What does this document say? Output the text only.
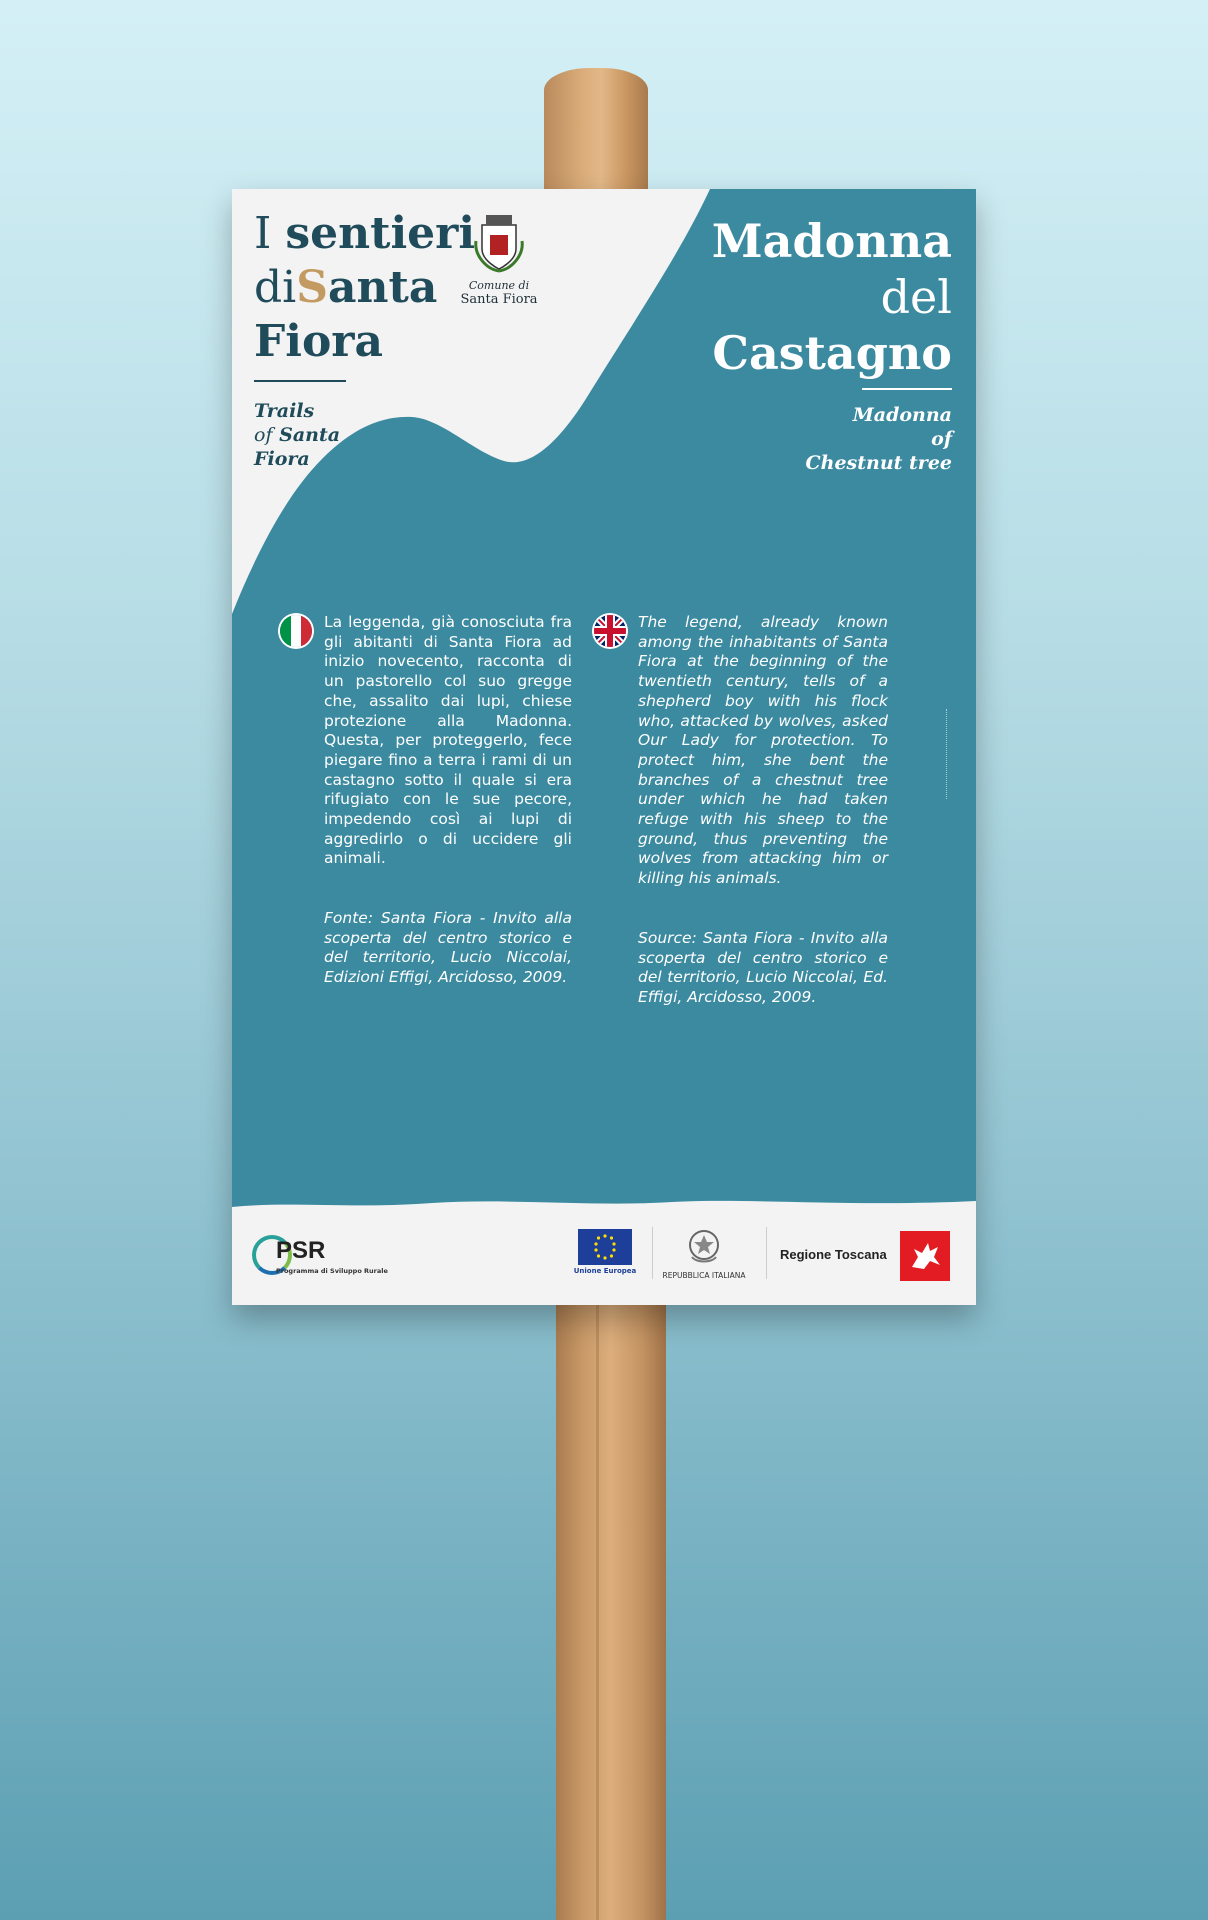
I sentieri
diSanta
Fiora
Trails
of Santa
Fiora
Comune di
Santa Fiora
Madonna
del
Castagno
Madonna
of
Chestnut tree
La leggenda, già conosciuta fra gli abitanti di Santa Fiora ad inizio novecento, racconta di un pastorello col suo gregge che, assalito dai lupi, chiese protezione alla Madonna. Questa, per proteggerlo, fece piegare fino a terra i rami di un castagno sotto il quale si era rifugiato con le sue pecore, impedendo così ai lupi di aggredirlo o di uccidere gli animali.
The legend, already known among the inhabitants of Santa Fiora at the beginning of the twentieth century, tells of a shepherd boy with his flock who, attacked by wolves, asked Our Lady for protection. To protect him, she bent the branches of a chestnut tree under which he had taken refuge with his sheep to the ground, thus preventing the wolves from attacking him or killing his animals.
Fonte: Santa Fiora - Invito alla scoperta del centro storico e del territorio, Lucio Niccolai, Edizioni Effigi, Arcidosso, 2009.
Source: Santa Fiora - Invito alla scoperta del centro storico e del territorio, Lucio Niccolai, Ed. Effigi, Arcidosso, 2009.
PSR
Programma di Sviluppo Rurale	Unione Europea	REPUBBLICA ITALIANA
Regione Toscana
